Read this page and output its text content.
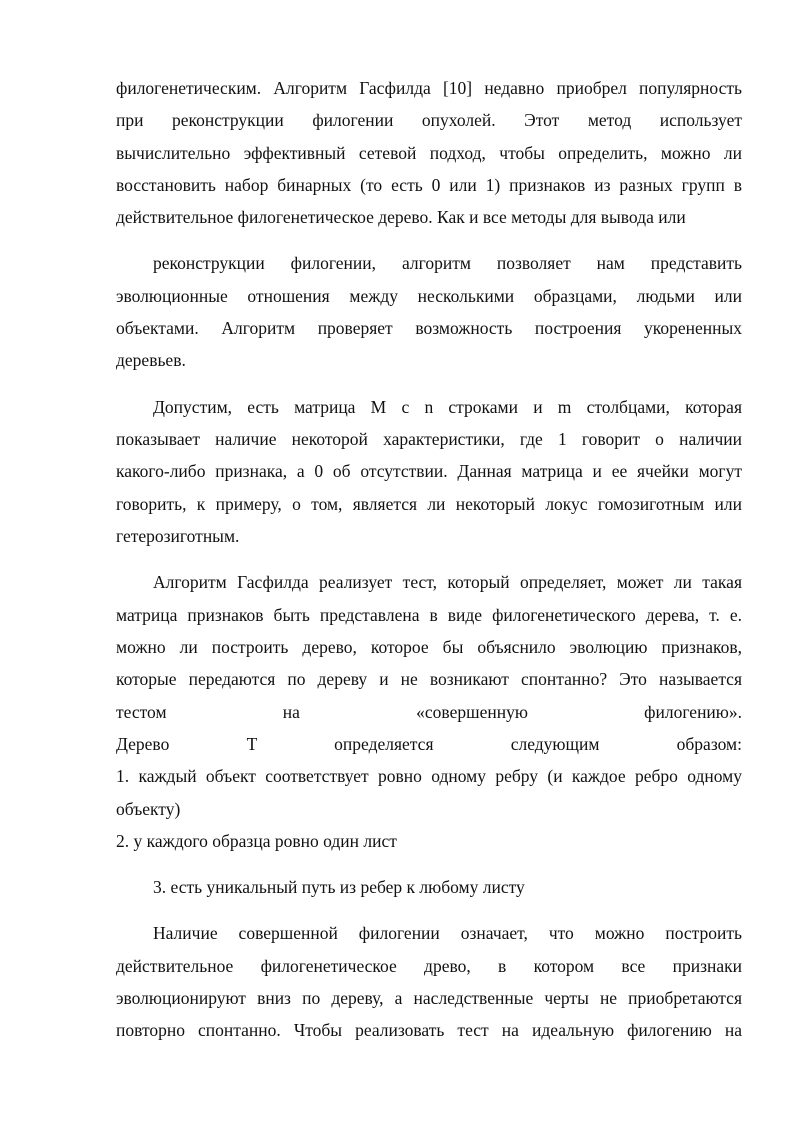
филогенетическим. Алгоритм Гасфилда [10] недавно приобрел популярность
при реконструкции филогении опухолей. Этот метод использует
вычислительно эффективный сетевой подход, чтобы определить, можно ли
восстановить набор бинарных (то есть 0 или 1) признаков из разных групп в
действительное филогенетическое дерево. Как и все методы для вывода или
реконструкции филогении, алгоритм позволяет нам представить
эволюционные отношения между несколькими образцами, людьми или
объектами. Алгоритм проверяет возможность построения укорененных
деревьев.
Допустим, есть матрица M с n строками и m столбцами, которая
показывает наличие некоторой характеристики, где 1 говорит о наличии
какого-либо признака, а 0 об отсутствии. Данная матрица и ее ячейки могут
говорить, к примеру, о том, является ли некоторый локус гомозиготным или
гетерозиготным.
Алгоритм Гасфилда реализует тест, который определяет, может ли такая
матрица признаков быть представлена в виде филогенетического дерева, т. е.
можно ли построить дерево, которое бы объяснило эволюцию признаков,
которые передаются по дереву и не возникают спонтанно? Это называется
тестом на «совершенную филогению».
Дерево T определяется следующим образом:
1. каждый объект соответствует ровно одному ребру (и каждое ребро одному
объекту)
2. у каждого образца ровно один лист
3. есть уникальный путь из ребер к любому листу
Наличие совершенной филогении означает, что можно построить
действительное филогенетическое древо, в котором все признаки
эволюционируют вниз по дереву, а наследственные черты не приобретаются
повторно спонтанно. Чтобы реализовать тест на идеальную филогению на
